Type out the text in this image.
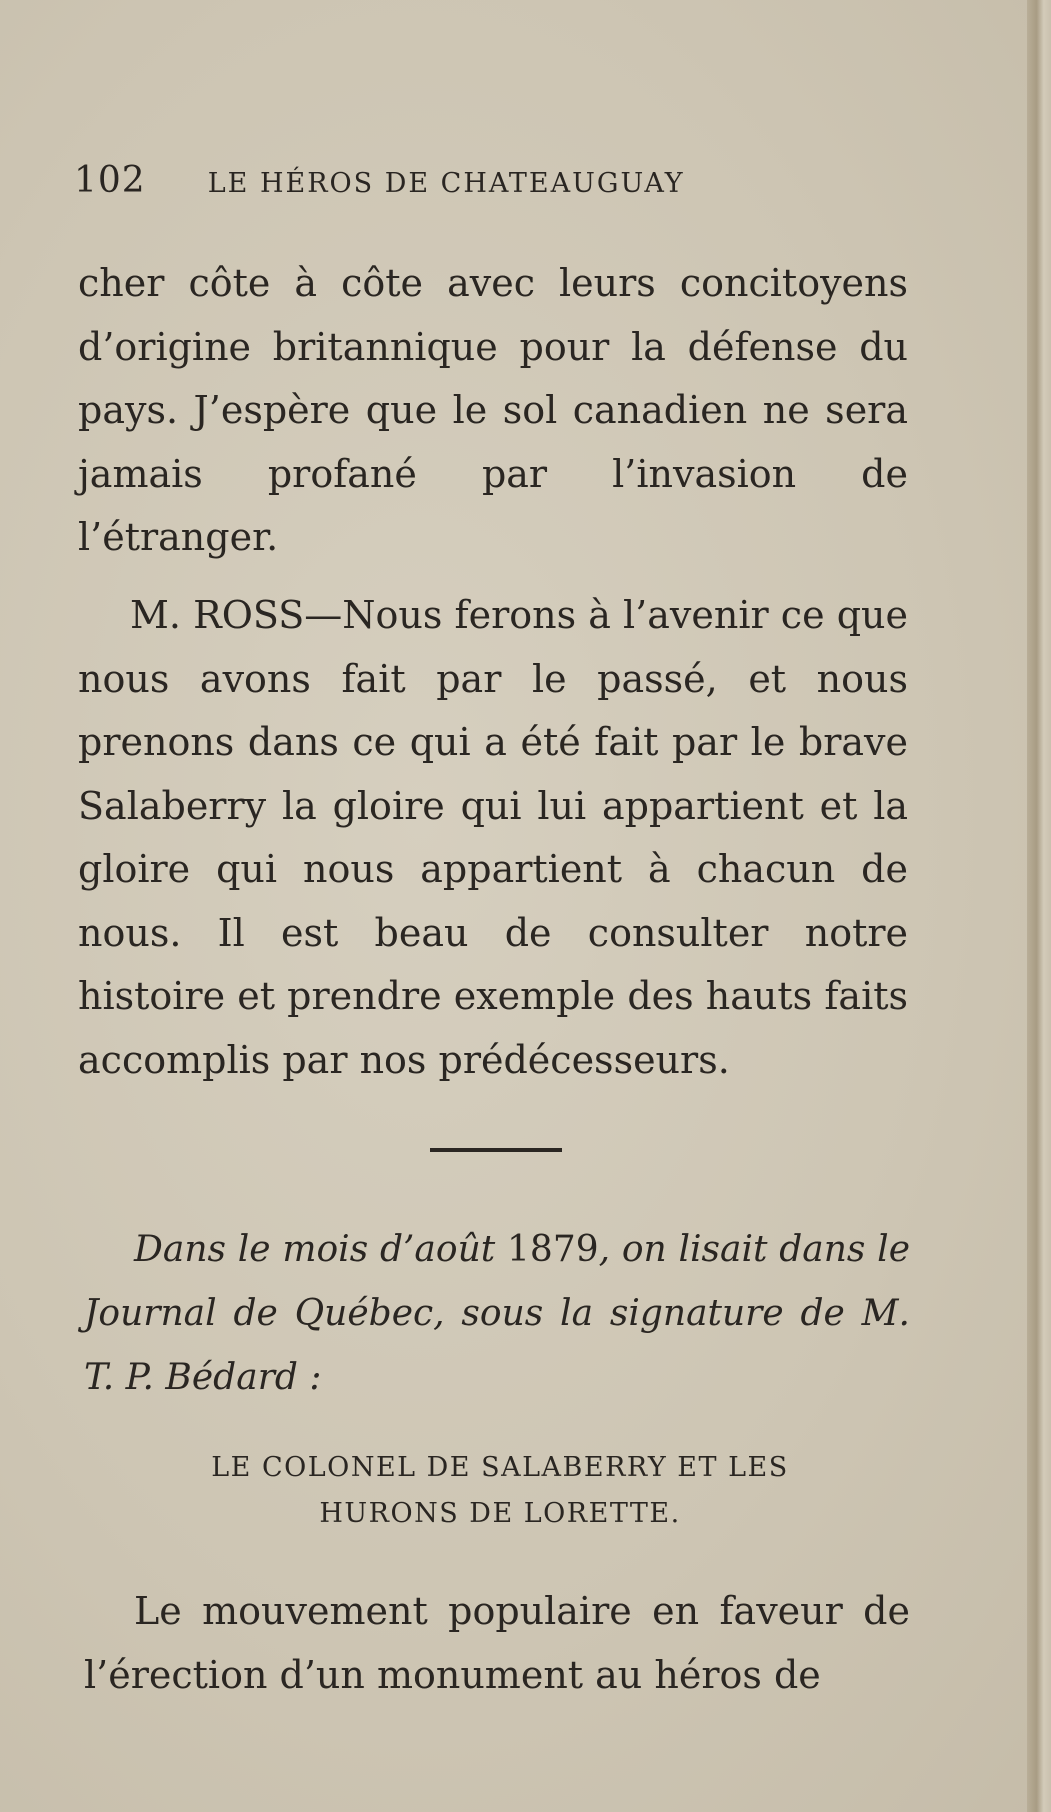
102 LE HÉROS DE CHATEAUGUAY

cher côte à côte avec leurs concitoyens d’origine britannique pour la défense du pays. J’espère que le sol canadien ne sera jamais profané par l’invasion de l’étranger.

M. ROSS—Nous ferons à l’avenir ce que nous avons fait par le passé, et nous prenons dans ce qui a été fait par le brave Salaberry la gloire qui lui appartient et la gloire qui nous appartient à chacun de nous. Il est beau de consulter notre histoire et prendre exemple des hauts faits accomplis par nos prédécesseurs.

Dans le mois d’août 1879, on lisait dans le Journal de Québec, sous la signature de M. T. P. Bédard :
LE COLONEL DE SALABERRY ET LES
HURONS DE LORETTE.

Le mouvement populaire en faveur de l’érection d’un monument au héros de
